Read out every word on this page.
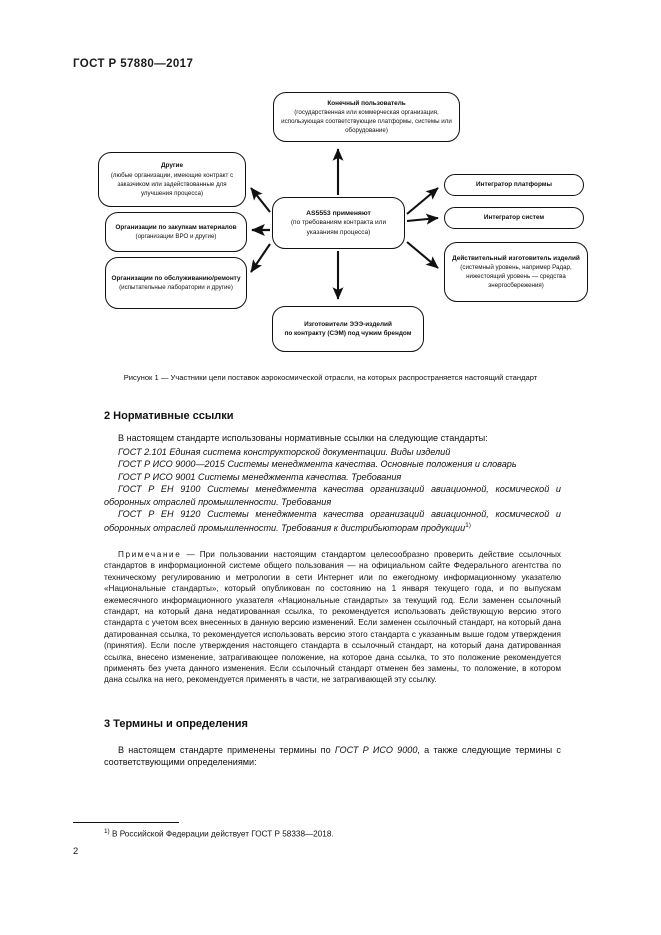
ГОСТ Р 57880—2017
Конечный пользователь
(государственная или коммерческая организация, использующая соответствующие платформы, системы или оборудование)
Другие
(любые организации, имеющие контракт с заказчиком или задействованные для улучшения процесса)
Организации по закупкам материалов
(организации ВРО и другие)
Организации по обслуживанию/ремонту
(испытательные лаборатории и другие)
AS5553 применяют
(по требованиям контракта или указаниям процесса)
Интегратор платформы
Интегратор систем
Действительный изготовитель изделий
(системный уровень, например Радар, нижестоящий уровень — средства энергосбережения)
Изготовители ЭЭЭ-изделий
по контракту (СЭМ) под чужим брендом
Рисунок 1 — Участники цепи поставок аэрокосмической отрасли, на которых распространяется настоящий стандарт
2 Нормативные ссылки
В настоящем стандарте использованы нормативные ссылки на следующие стандарты:
ГОСТ 2.101 Единая система конструкторской документации. Виды изделий
ГОСТ Р ИСО 9000—2015 Системы менеджмента качества. Основные положения и словарь
ГОСТ Р ИСО 9001 Системы менеджмента качества. Требования
ГОСТ Р ЕН 9100 Системы менеджмента качества организаций авиационной, космической и оборонных отраслей промышленности. Требования
ГОСТ Р ЕН 9120 Системы менеджмента качества организаций авиационной, космической и оборонных отраслей промышленности. Требования к дистрибьюторам продукции$^{1)}$
Примечание — При пользовании настоящим стандартом целесообразно проверить действие ссылочных стандартов в информационной системе общего пользования — на официальном сайте Федерального агентства по техническому регулированию и метрологии в сети Интернет или по ежегодному информационному указателю «Национальные стандарты», который опубликован по состоянию на 1 января текущего года, и по выпускам ежемесячного информационного указателя «Национальные стандарты» за текущий год. Если заменен ссылочный стандарт, на который дана недатированная ссылка, то рекомендуется использовать действующую версию этого стандарта с учетом всех внесенных в данную версию изменений. Если заменен ссылочный стандарт, на который дана датированная ссылка, то рекомендуется использовать версию этого стандарта с указанным выше годом утверждения (принятия). Если после утверждения настоящего стандарта в ссылочный стандарт, на который дана датированная ссылка, внесено изменение, затрагивающее положение, на которое дана ссылка, то это положение рекомендуется применять без учета данного изменения. Если ссылочный стандарт отменен без замены, то положение, в котором дана ссылка на него, рекомендуется применять в части, не затрагивающей эту ссылку.
3 Термины и определения
В настоящем стандарте применены термины по ГОСТ Р ИСО 9000, а также следующие термины с соответствующими определениями:
$^{1)}$ В Российской Федерации действует ГОСТ Р 58338—2018.
2
